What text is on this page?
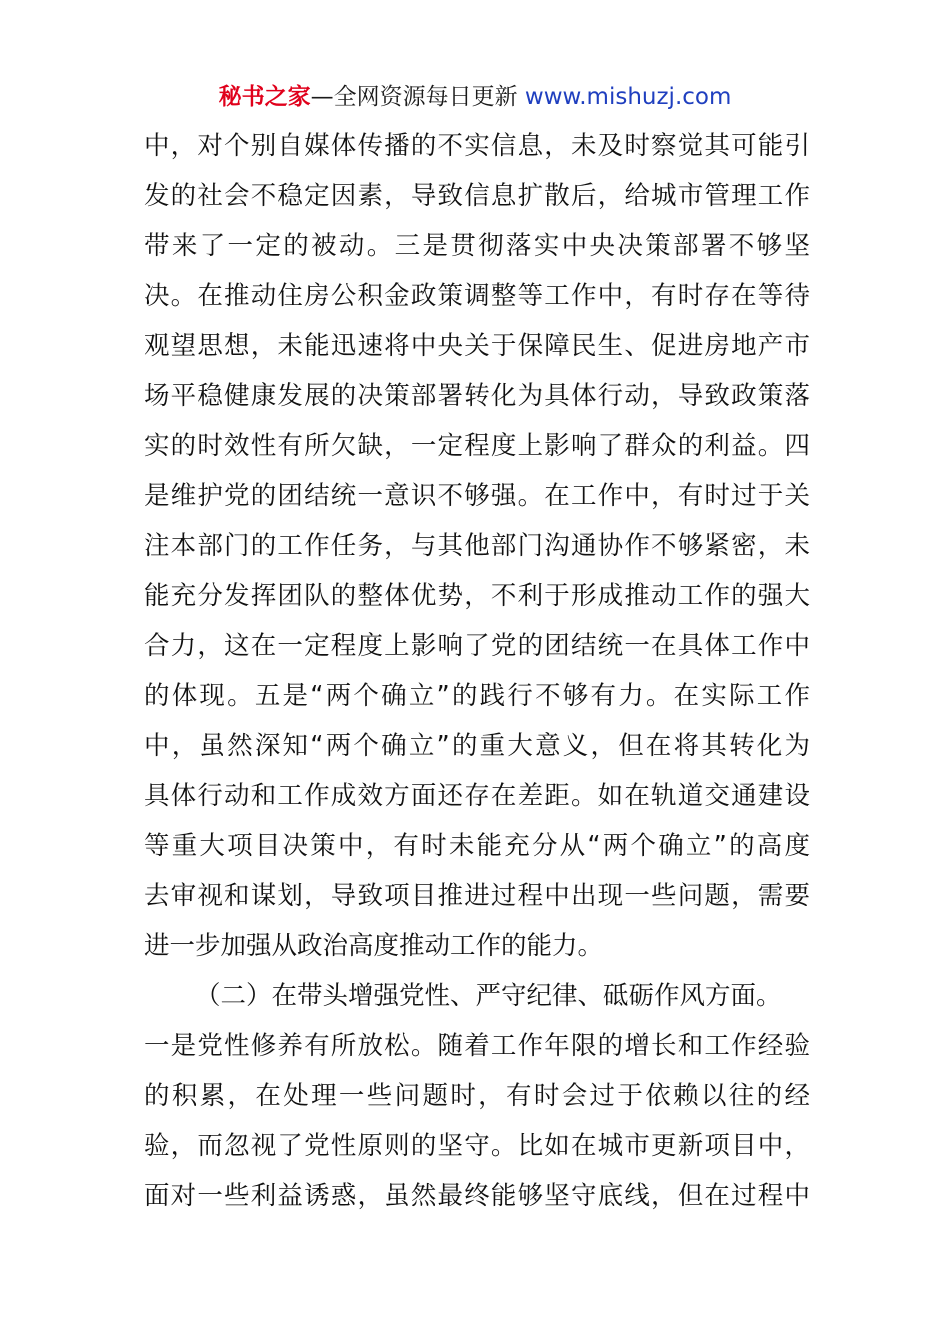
秘书之家—全网资源每日更新 www.mishuzj.com
中，对个别自媒体传播的不实信息，未及时察觉其可能引
发的社会不稳定因素，导致信息扩散后，给城市管理工作
带来了一定的被动。三是贯彻落实中央决策部署不够坚
决。在推动住房公积金政策调整等工作中，有时存在等待
观望思想，未能迅速将中央关于保障民生、促进房地产市
场平稳健康发展的决策部署转化为具体行动，导致政策落
实的时效性有所欠缺，一定程度上影响了群众的利益。四
是维护党的团结统一意识不够强。在工作中，有时过于关
注本部门的工作任务，与其他部门沟通协作不够紧密，未
能充分发挥团队的整体优势，不利于形成推动工作的强大
合力，这在一定程度上影响了党的团结统一在具体工作中
的体现。五是“两个确立”的践行不够有力。在实际工作
中，虽然深知“两个确立”的重大意义，但在将其转化为
具体行动和工作成效方面还存在差距。如在轨道交通建设
等重大项目决策中，有时未能充分从“两个确立”的高度
去审视和谋划，导致项目推进过程中出现一些问题，需要
进一步加强从政治高度推动工作的能力。
（二）在带头增强党性、严守纪律、砥砺作风方面。
一是党性修养有所放松。随着工作年限的增长和工作经验
的积累，在处理一些问题时，有时会过于依赖以往的经
验，而忽视了党性原则的坚守。比如在城市更新项目中，
面对一些利益诱惑，虽然最终能够坚守底线，但在过程中
